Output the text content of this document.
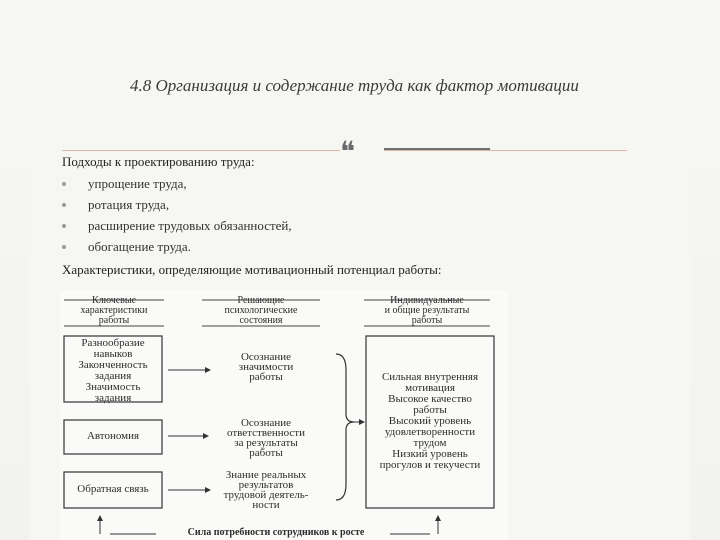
4.8 Организация и содержание труда как фактор мотивации
❝
Подходы к проектированию труда:
упрощение труда,
ротация труда,
расширение трудовых обязанностей,
обогащение труда.
Характеристики, определяющие мотивационный потенциал работы:
Ключевые
характеристики
работы
Решающие
психологические
состояния
Индивидуальные
и общие результаты
работы
Разнообразие
навыков
Законченность
задания
Значимость
задания
Автономия
Обратная связь
Осознание
значимости
работы
Осознание
ответственности
за результаты
работы
Знание реальных
результатов
трудовой деятель-
ности
Сильная внутренняя
мотивация
Высокое качество
работы
Высокий уровень
удовлетворенности
трудом
Низкий уровень
прогулов и текучести
Сила потребности сотрудников к росте
